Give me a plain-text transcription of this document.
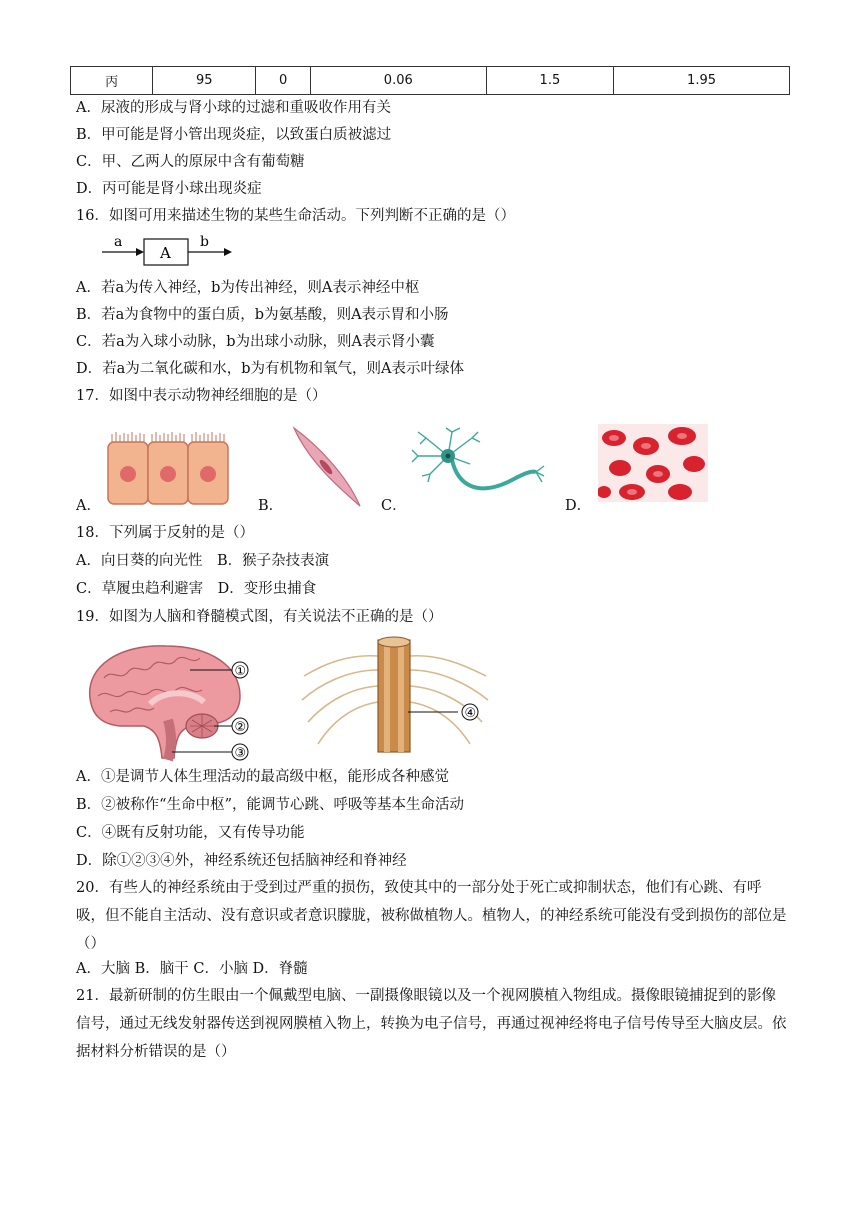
丙	95	0	0.06	1.5	1.95
A．尿液的形成与肾小球的过滤和重吸收作用有关
B．甲可能是肾小管出现炎症，以致蛋白质被滤过
C．甲、乙两人的原尿中含有葡萄糖
D．丙可能是肾小球出现炎症
16．如图可用来描述生物的某些生命活动。下列判断不正确的是（）
a
A
b
A．若a为传入神经，b为传出神经，则A表示神经中枢
B．若a为食物中的蛋白质，b为氨基酸，则A表示胃和小肠
C．若a为入球小动脉，b为出球小动脉，则A表示肾小囊
D．若a为二氧化碳和水，b为有机物和氧气，则A表示叶绿体
17．如图中表示动物神经细胞的是（）
A．	B．	C．	D．
18．下列属于反射的是（）
A．向日葵的向光性　B．猴子杂技表演
C．草履虫趋利避害　D．变形虫捕食
19．如图为人脑和脊髓模式图，有关说法不正确的是（）
①
②
③
④
A．①是调节人体生理活动的最高级中枢，能形成各种感觉
B．②被称作“生命中枢”，能调节心跳、呼吸等基本生命活动
C．④既有反射功能，又有传导功能
D．除①②③④外，神经系统还包括脑神经和脊神经
20．有些人的神经系统由于受到过严重的损伤，致使其中的一部分处于死亡或抑制状态，他们有心跳、有呼吸，但不能自主活动、没有意识或者意识朦胧，被称做植物人。植物人，的神经系统可能没有受到损伤的部位是（）
A．大脑 B．脑干 C．小脑 D．脊髓
21．最新研制的仿生眼由一个佩戴型电脑、一副摄像眼镜以及一个视网膜植入物组成。摄像眼镜捕捉到的影像信号，通过无线发射器传送到视网膜植入物上，转换为电子信号，再通过视神经将电子信号传导至大脑皮层。依据材料分析错误的是（）
